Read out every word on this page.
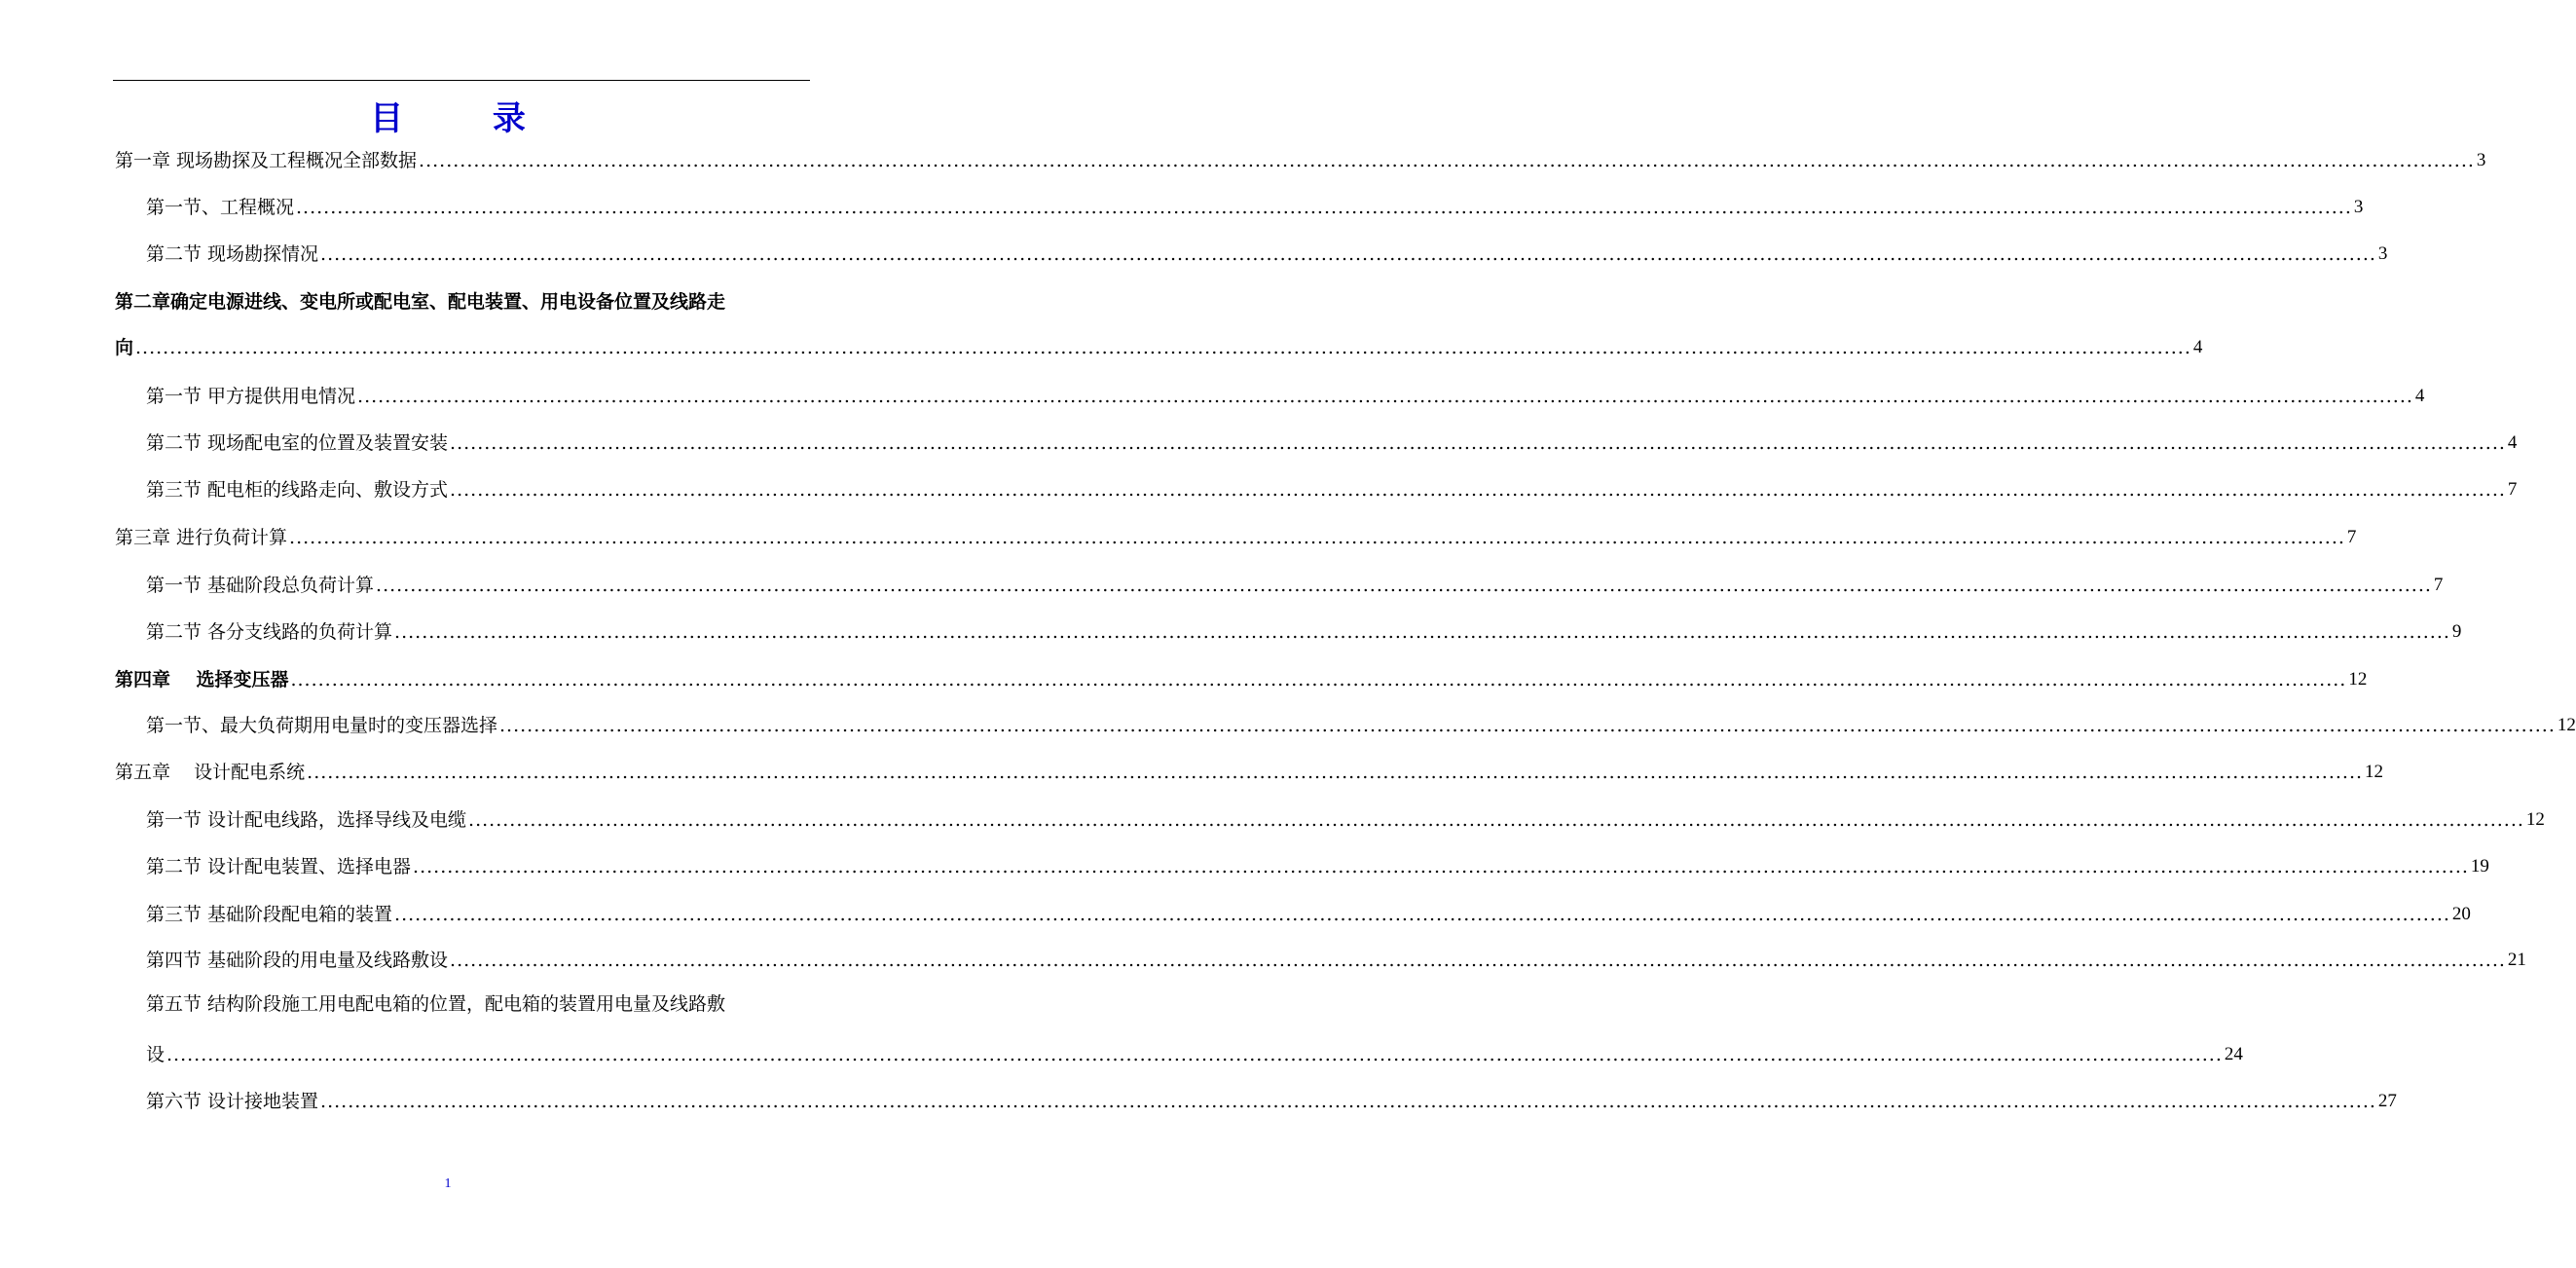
目 录
第一章 现场勘探及工程概况全部数据 ............................................................................................................................................................................................................................................................................................................ 3
第一节、工程概况 ............................................................................................................................................................................................................................................................................................................ 3
第二节 现场勘探情况 ............................................................................................................................................................................................................................................................................................................ 3
第二章确定电源进线、变电所或配电室、配电装置、用电设备位置及线路走
向 ............................................................................................................................................................................................................................................................................................................ 4
第一节 甲方提供用电情况 ............................................................................................................................................................................................................................................................................................................ 4
第二节 现场配电室的位置及装置安装 ............................................................................................................................................................................................................................................................................................................ 4
第三节 配电柜的线路走向、敷设方式 ............................................................................................................................................................................................................................................................................................................ 7
第三章 进行负荷计算 ............................................................................................................................................................................................................................................................................................................ 7
第一节 基础阶段总负荷计算 ............................................................................................................................................................................................................................................................................................................ 7
第二节 各分支线路的负荷计算 ............................................................................................................................................................................................................................................................................................................ 9
第四章    选择变压器 ............................................................................................................................................................................................................................................................................................................ 12
第一节、最大负荷期用电量时的变压器选择 ............................................................................................................................................................................................................................................................................................................ 12
第五章    设计配电系统 ............................................................................................................................................................................................................................................................................................................ 12
第一节 设计配电线路，选择导线及电缆 ............................................................................................................................................................................................................................................................................................................ 12
第二节 设计配电装置、选择电器 ............................................................................................................................................................................................................................................................................................................ 19
第三节 基础阶段配电箱的装置 ............................................................................................................................................................................................................................................................................................................ 20
第四节 基础阶段的用电量及线路敷设 ............................................................................................................................................................................................................................................................................................................ 21
第五节 结构阶段施工用电配电箱的位置，配电箱的装置用电量及线路敷
设 ............................................................................................................................................................................................................................................................................................................ 24
第六节 设计接地装置 ............................................................................................................................................................................................................................................................................................................ 27
1
